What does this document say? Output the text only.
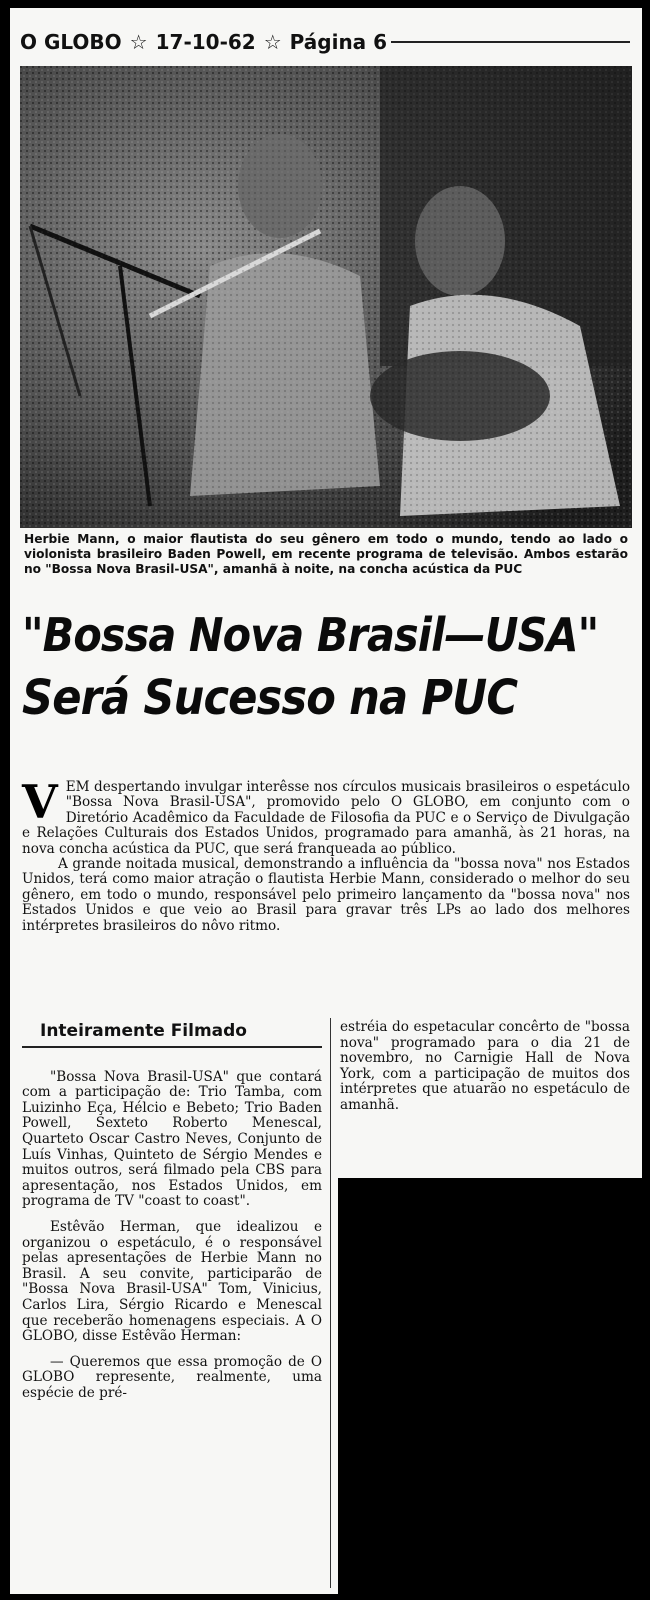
O GLOBO ☆ 17-10-62 ☆ Página 6
Herbie Mann, o maior flautista do seu gênero em todo o mundo, tendo ao lado o violonista brasileiro Baden Powell, em recente programa de televisão. Ambos estarão no "Bossa Nova Brasil-USA", amanhã à noite, na concha acústica da PUC
"Bossa Nova Brasil—USA"
Será Sucesso na PUC

VEM despertando invulgar interêsse nos círculos musicais brasileiros o espetáculo "Bossa Nova Brasil-USA", promovido pelo O GLOBO, em conjunto com o Diretório Acadêmico da Faculdade de Filosofia da PUC e o Serviço de Divulgação e Relações Culturais dos Estados Unidos, programado para amanhã, às 21 horas, na nova concha acústica da PUC, que será franqueada ao público.

A grande noitada musical, demonstrando a influência da "bossa nova" nos Estados Unidos, terá como maior atração o flautista Herbie Mann, considerado o melhor do seu gênero, em todo o mundo, responsável pelo primeiro lançamento da "bossa nova" nos Estados Unidos e que veio ao Brasil para gravar três LPs ao lado dos melhores intérpretes brasileiros do nôvo ritmo.

Inteiramente Filmado

"Bossa Nova Brasil-USA" que contará com a participação de: Trio Tamba, com Luizinho Eça, Hélcio e Bebeto; Trio Baden Powell, Sexteto Roberto Menescal, Quarteto Oscar Castro Neves, Conjunto de Luís Vinhas, Quinteto de Sérgio Mendes e muitos outros, será filmado pela CBS para apresentação, nos Estados Unidos, em programa de TV "coast to coast".

Estêvão Herman, que idealizou e organizou o espetáculo, é o responsável pelas apresentações de Herbie Mann no Brasil. A seu convite, participarão de "Bossa Nova Brasil-USA" Tom, Vinicius, Carlos Lira, Sérgio Ricardo e Menescal que receberão homenagens especiais. A O GLOBO, disse Estêvão Herman:

— Queremos que essa promoção de O GLOBO represente, realmente, uma espécie de pré-

estréia do espetacular concêrto de "bossa nova" programado para o dia 21 de novembro, no Carnigie Hall de Nova York, com a participação de muitos dos intérpretes que atuarão no espetáculo de amanhã.
